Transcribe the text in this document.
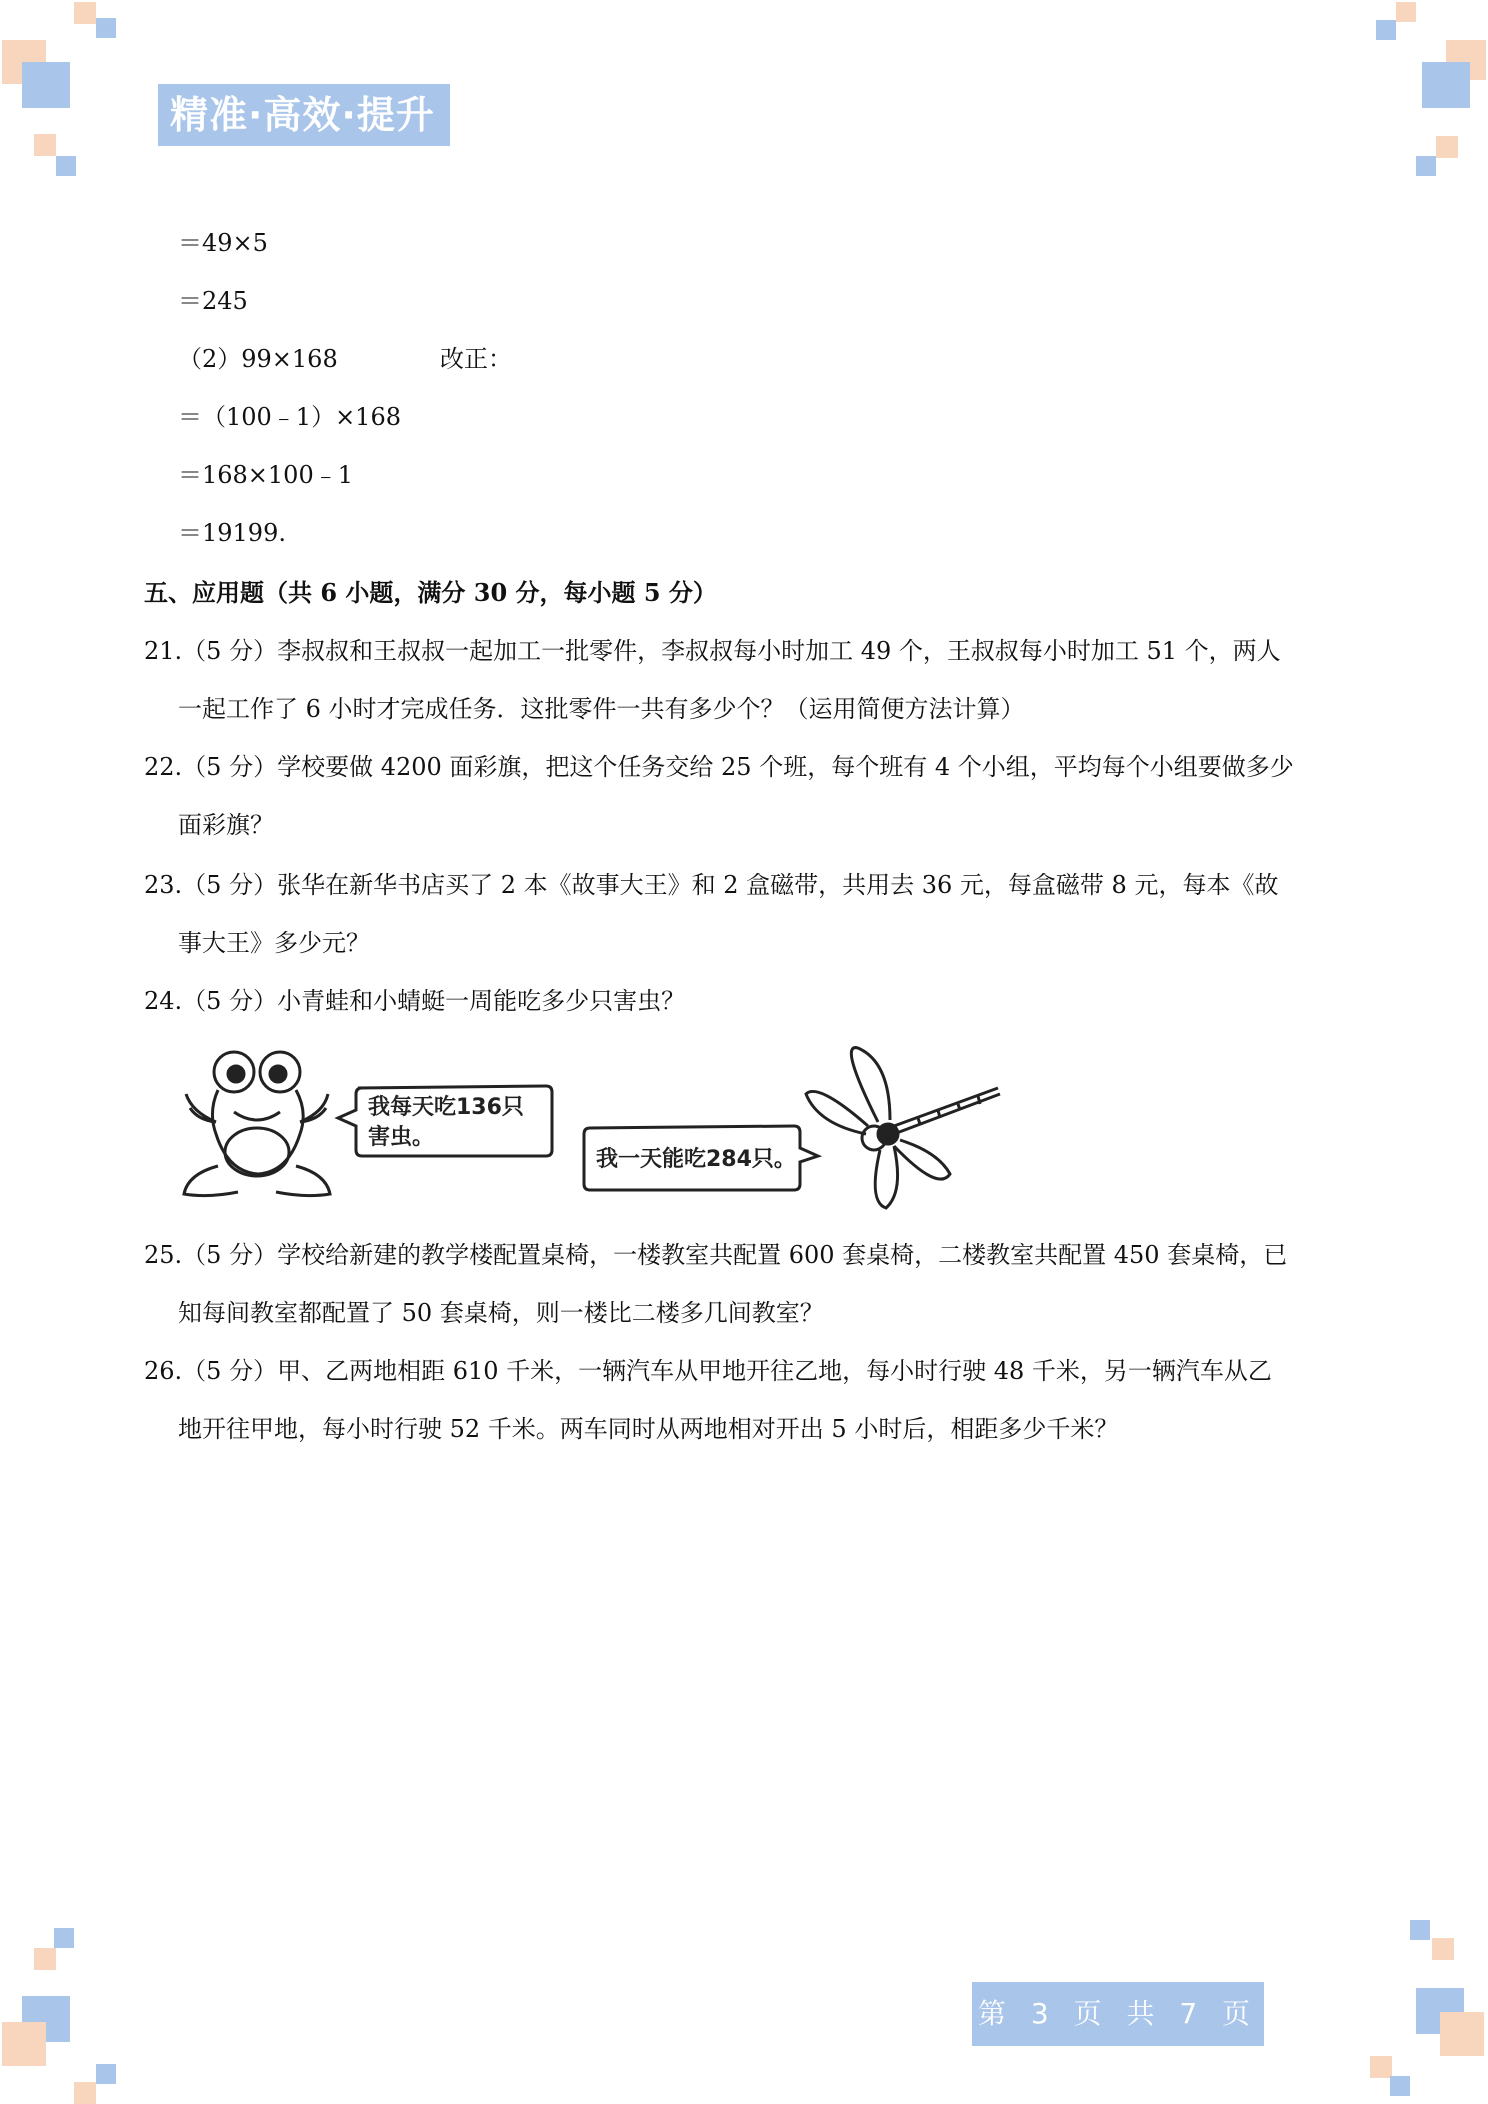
精准·高效·提升
＝49×5
＝245
（2）99×168	改正：
＝（100﹣1）×168
＝168×100﹣1
＝19199.
五、应用题（共 6 小题，满分 30 分，每小题 5 分）
21.（5 分）李叔叔和王叔叔一起加工一批零件，李叔叔每小时加工 49 个，王叔叔每小时加工 51 个，两人
一起工作了 6 小时才完成任务．这批零件一共有多少个？（运用简便方法计算）
22.（5 分）学校要做 4200 面彩旗，把这个任务交给 25 个班，每个班有 4 个小组，平均每个小组要做多少
面彩旗？
23.（5 分）张华在新华书店买了 2 本《故事大王》和 2 盒磁带，共用去 36 元，每盒磁带 8 元，每本《故
事大王》多少元？
24.（5 分）小青蛙和小蜻蜓一周能吃多少只害虫？
我每天吃136只
害虫。
我一天能吃284只。
25.（5 分）学校给新建的教学楼配置桌椅，一楼教室共配置 600 套桌椅，二楼教室共配置 450 套桌椅，已
知每间教室都配置了 50 套桌椅，则一楼比二楼多几间教室？
26.（5 分）甲、乙两地相距 610 千米，一辆汽车从甲地开往乙地，每小时行驶 48 千米，另一辆汽车从乙
地开往甲地，每小时行驶 52 千米。两车同时从两地相对开出 5 小时后，相距多少千米？
第 3 页 共 7 页
